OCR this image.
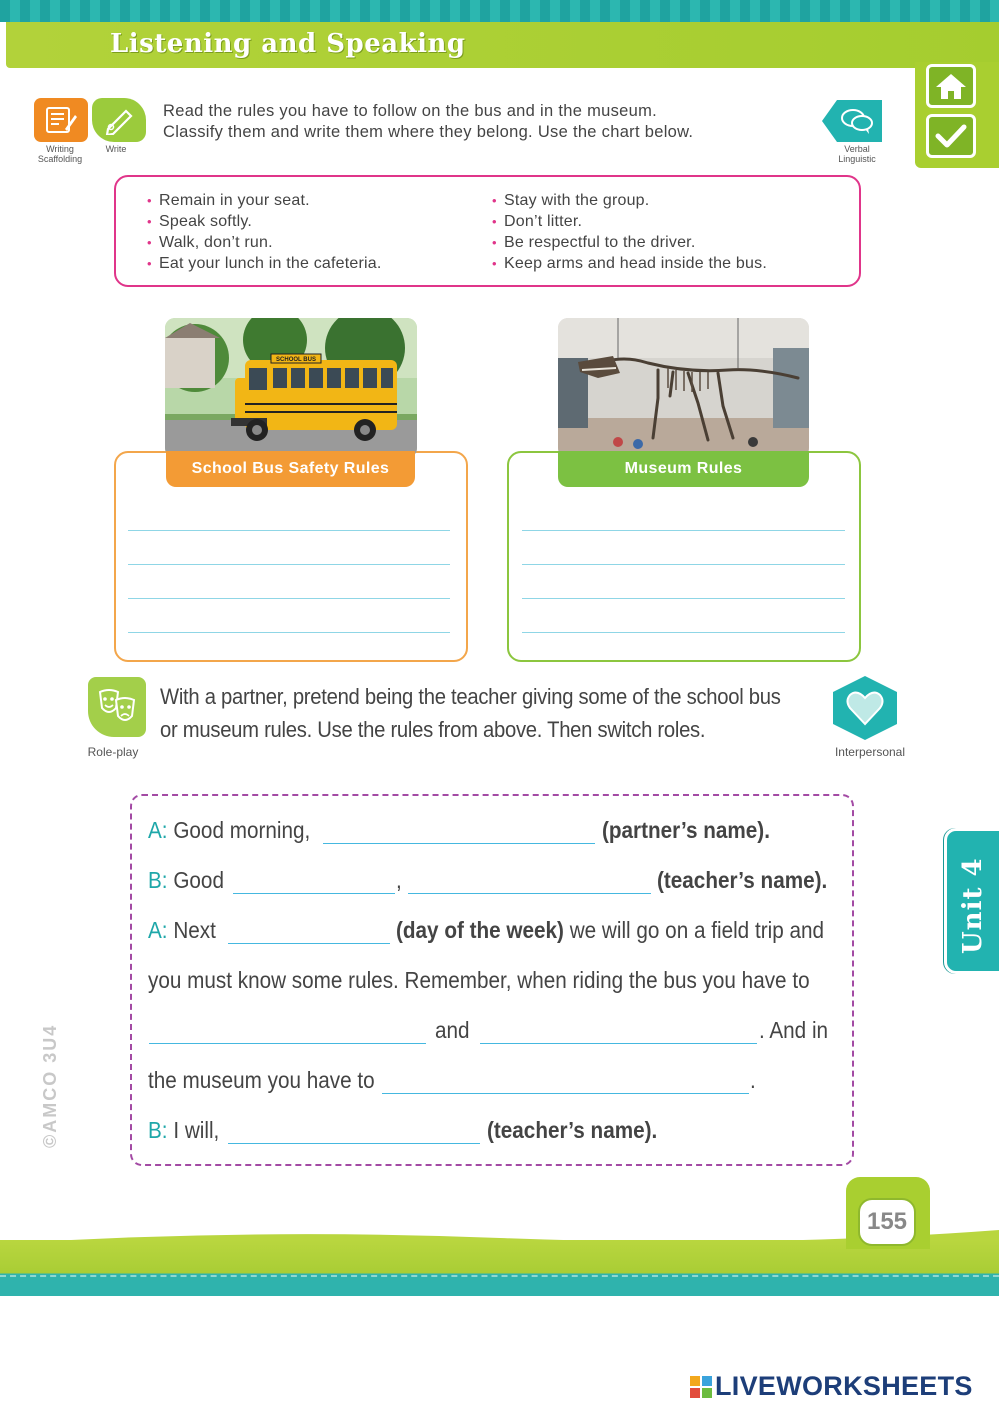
Listening and Speaking
Writing Scaffolding
Write
Read the rules you have to follow on the bus and in the museum.
Classify them and write them where they belong. Use the chart below.
Verbal Linguistic
• Remain in your seat.
• Speak softly.
• Walk, don’t run.
• Eat your lunch in the cafeteria.
• Stay with the group.
• Don’t litter.
• Be respectful to the driver.
• Keep arms and head inside the bus.
SCHOOL BUS
School Bus Safety Rules	Museum Rules
Role-play
With a partner, pretend being the teacher giving some of the school bus
or museum rules. Use the rules from above. Then switch roles.
Interpersonal
A: Good morning,	(partner’s name).
B: Good	,	(teacher’s name).
A: Next	(day of the week) we will go on a field trip and
you must know some rules. Remember, when riding the bus you have to
and	. And in
the museum you have to	.
B: I will,	(teacher’s name).
©AMCO 3U4
Unit 4
155
LIVEWORKSHEETS
